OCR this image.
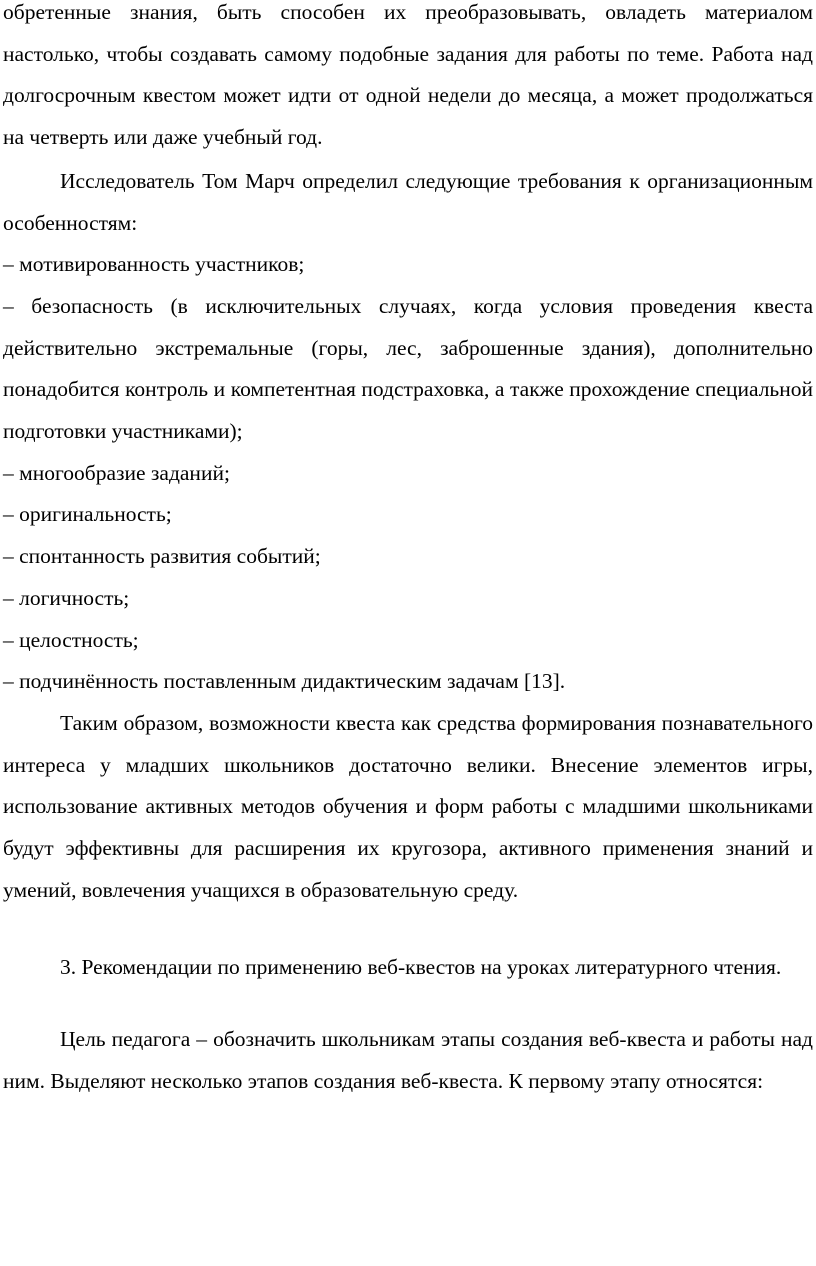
обретенные знания, быть способен их преобразовывать, овладеть материалом настолько, чтобы создавать самому подобные задания для работы по теме. Работа над долгосрочным квестом может идти от одной недели до месяца, а может продолжаться на четверть или даже учебный год.

Исследователь Том Марч определил следующие требования к организационным особенностям:

– мотивированность участников;
– безопасность (в исключительных случаях, когда условия проведения квеста действительно экстремальные (горы, лес, заброшенные здания), дополнительно понадобится контроль и компетентная подстраховка, а также прохождение специальной подготовки участниками);
– многообразие заданий;
– оригинальность;
– спонтанность развития событий;
– логичность;
– целостность;
– подчинённость поставленным дидактическим задачам [13].

Таким образом, возможности квеста как средства формирования познавательного интереса у младших школьников достаточно велики. Внесение элементов игры, использование активных методов обучения и форм работы с младшими школьниками будут эффективны для расширения их кругозора, активного применения знаний и умений, вовлечения учащихся в образовательную среду.

3. Рекомендации по применению веб-квестов на уроках литературного чтения.

Цель педагога – обозначить школьникам этапы создания веб-квеста и работы над ним. Выделяют несколько этапов создания веб-квеста. К первому этапу относятся:
